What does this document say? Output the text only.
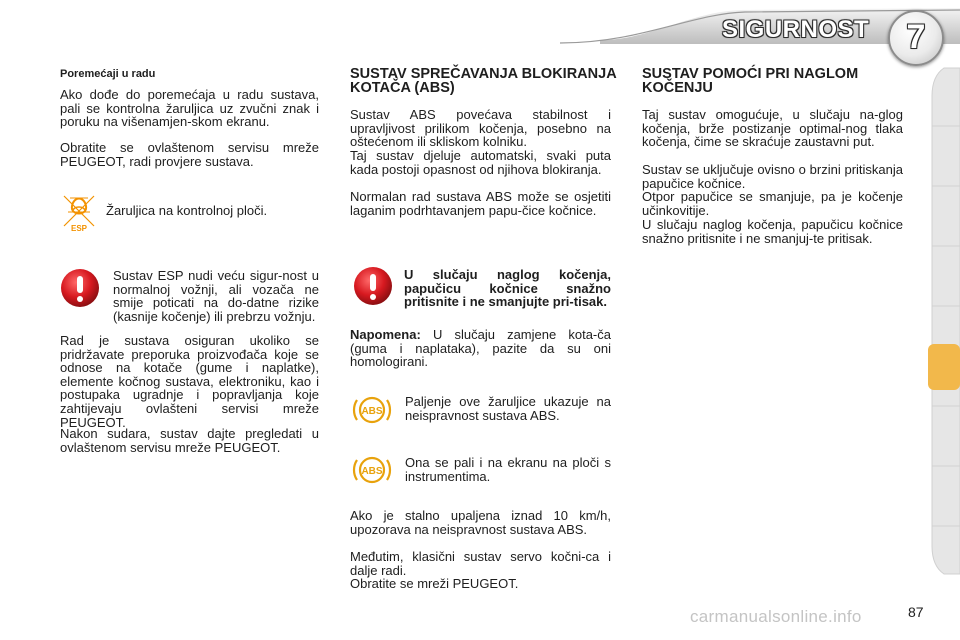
SIGURNOST	7
Poremećaji u radu
Ako dođe do poremećaja u radu sustava, pali se kontrolna žaruljica uz zvučni znak i poruku na višenamjen-skom ekranu.
Obratite se ovlaštenom servisu mreže PEUGEOT, radi provjere sustava.
ESP
Žaruljica na kontrolnoj ploči.
Sustav ESP nudi veću sigur-nost u normalnoj vožnji, ali vozača ne smije poticati na do-datne rizike (kasnije kočenje) ili prebrzu vožnju.
Rad je sustava osiguran ukoliko se pridržavate preporuka proizvođača koje se odnose na kotače (gume i naplatke), elemente kočnog sustava, elektroniku, kao i postupaka ugradnje i popravljanja koje zahtijevaju ovlašteni servisi mreže PEUGEOT.
Nakon sudara, sustav dajte pregledati u ovlaštenom servisu mreže PEUGEOT.
SUSTAV SPREČAVANJA BLOKIRANJA KOTAČA (ABS)
Sustav ABS povećava stabilnost i upravljivost prilikom kočenja, posebno na oštećenom ili skliskom kolniku.
Taj sustav djeluje automatski, svaki puta kada postoji opasnost od njihova blokiranja.
Normalan rad sustava ABS može se osjetiti laganim podrhtavanjem papu-čice kočnice.
U slučaju naglog kočenja, papučicu kočnice snažno pritisnite i ne smanjujte pri-tisak.
Napomena: U slučaju zamjene kota-ča (guma i naplataka), pazite da su oni homologirani.
ABS
Paljenje ove žaruljice ukazuje na neispravnost sustava ABS.
ABS
Ona se pali i na ekranu na ploči s instrumentima.
Ako je stalno upaljena iznad 10 km/h, upozorava na neispravnost sustava ABS.
Međutim, klasični sustav servo kočni-ca i dalje radi.
Obratite se mreži PEUGEOT.
SUSTAV POMOĆI PRI NAGLOM KOČENJU
Taj sustav omogućuje, u slučaju na-glog kočenja, brže postizanje optimal-nog tlaka kočenja, čime se skraćuje zaustavni put.
Sustav se uključuje ovisno o brzini pritiskanja papučice kočnice.
Otpor papučice se smanjuje, pa je kočenje učinkovitije.
U slučaju naglog kočenja, papučicu kočnice snažno pritisnite i ne smanjuj-te pritisak.
carmanualsonline.info	87
